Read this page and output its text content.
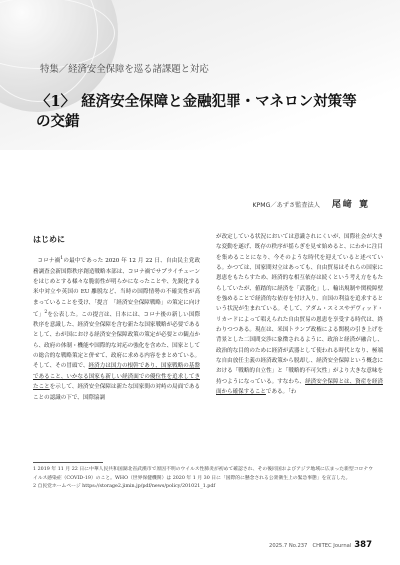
特集／経済安全保障を巡る諸課題と対応
〈1〉 経済安全保障と金融犯罪・マネロン対策等
の交錯
KPMG／あずさ監査法人 尾﨑 寛
はじめに

コロナ禍$^1$の最中であった 2020 年 12 月 22 日、自由民主党政務調査会新国際秩序創造戦略本部は、コロナ禍でサプライチェーンをはじめとする様々な脆弱性が明らかになったことや、先鋭化する米中対立や英国の EU 離脱など、当時の国際情勢の不確実性が高まっていることを受け、「提言　「経済安全保障戦略」の策定に向けて」$^2$を公表した。この提言は、日本には、コロナ後の新しい国際秩序を意識した、経済安全保障を含む新たな国家戦略が必要であるとして、わが国における経済安全保障政策の策定が必要との観点から、政府の体制・機能や国際的な対応の強化を含めた、国家としての総合的な戦略策定と併せて、政府に求める内容をまとめている。そして、その冒頭で、経済力は国力の根幹であり、国家戦略の基盤であること、いかなる国家も新しい経済面での優位性を追求してきたことを示して、経済安全保障は新たな国家間の対峙の局面であることの認識の下で、国際協調

が改定している状況においては意識されにくいが、国際社会が大きな変動を遂げ、既存の秩序が揺らぎを見せ始めると、にわかに注目を集めることになり、今そのような時代を迎えていると述べている。かつては、国家間対立はあっても、自由貿易はそれらの国家に恩恵をもたらすため、経済的な相互依存は続くという考え方をもたらしていたが、値踏的に経済を「武器化」し、輸出規制や関税障壁を強めることで経済的な依存を付け入り、自国の利益を追求するという状況が生まれている。そして、アダム・スミスやデヴィッド・リカードによって唱えられた自由貿易の恩恵を享受する時代は、終わりつつある。現在は、米国トランプ政権による関税の引き上げを背景とした二国間交渉に象徴されるように、政治と経済が融合し、政治的な目的のために経済が武器として使われる時代となり、極端な自由放任主義の経済政策から脱却し、経済安全保障という概念における「戦略的自立性」と「戦略的不可欠性」がより大きな意味を持つようになっている。すなわち、経済安全保障とは、資産を経済面から確保することである。「わ

1 2019 年 11 月 22 日に中華人民共和国湖北省武漢市で原因不明のウイルス性肺炎が初めて確認され、その後同国およびアジア地域に広まった新型コロナウイルス感染症（COVID-19）のこと。WHO（世界保健機関）は 2020 年 1 月 30 日に「国際的に懸念される公衆衛生上の緊急事態」を宣言した。
2 自民党ホームページ https://storage2.jimin.jp/pdf/news/policy/201021_1.pdf
2025.7 No.237　CHITEC Journal 387
